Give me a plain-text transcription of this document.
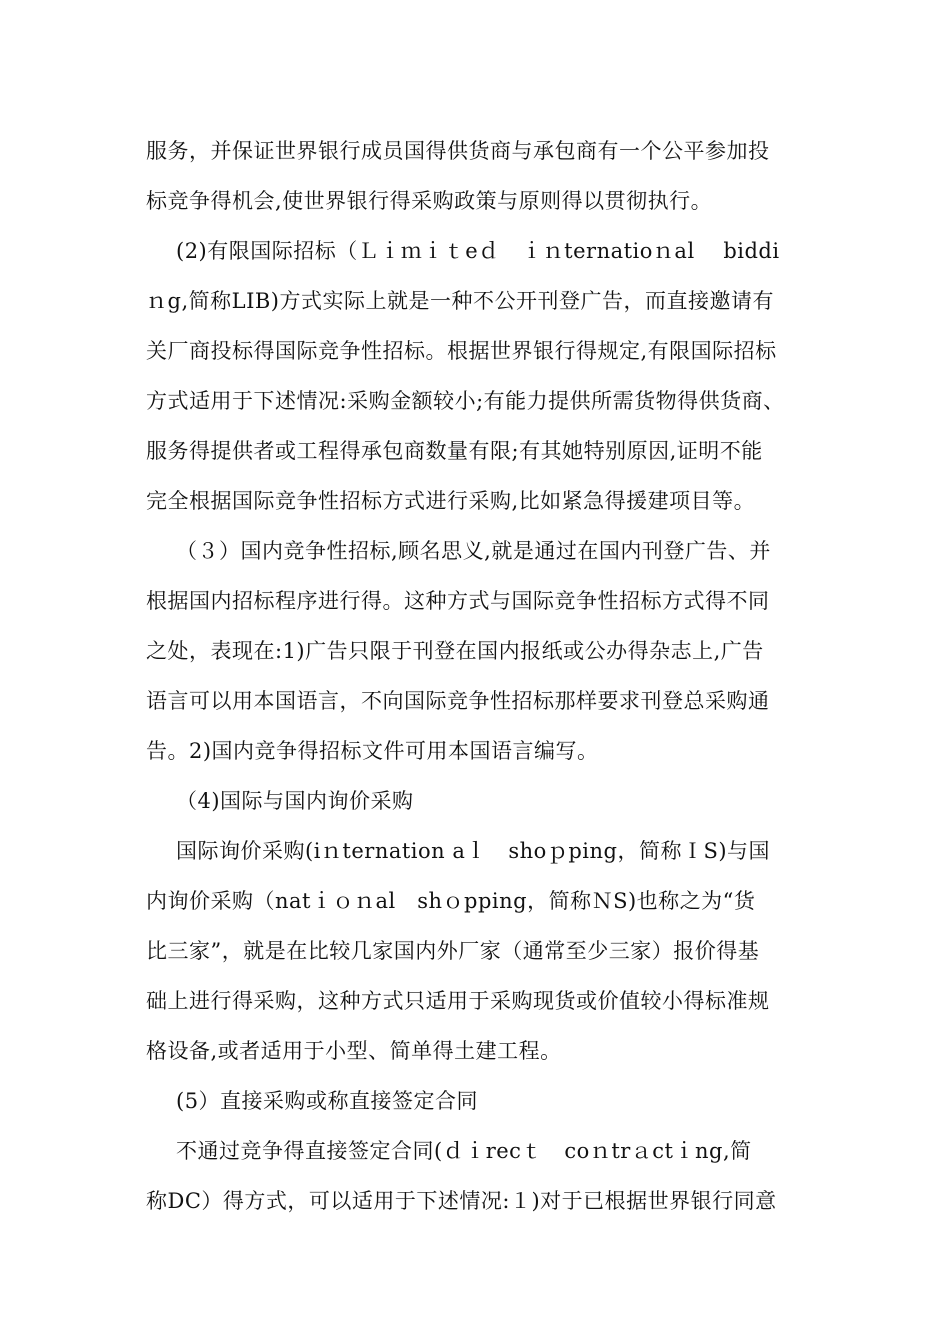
服务，并保证世界银行成员国得供货商与承包商有一个公平参加投
标竞争得机会,使世界银行得采购政策与原则得以贯彻执行。
(2)有限国际招标（Ｌｉｍｉｔeｄ　ｉｎternatioｎal　 biddi
ｎg,简称LIB)方式实际上就是一种不公开刊登广告，而直接邀请有
关厂商投标得国际竞争性招标。根据世界银行得规定,有限国际招标
方式适用于下述情况:采购金额较小;有能力提供所需货物得供货商、
服务得提供者或工程得承包商数量有限;有其她特别原因,证明不能
完全根据国际竞争性招标方式进行采购,比如紧急得援建项目等。
（３）国内竞争性招标,顾名思义,就是通过在国内刊登广告、并
根据国内招标程序进行得。这种方式与国际竞争性招标方式得不同
之处，表现在:1)广告只限于刊登在国内报纸或公办得杂志上,广告
语言可以用本国语言，不向国际竞争性招标那样要求刊登总采购通
告。2)国内竞争得招标文件可用本国语言编写。
（4)国际与国内询价采购
国际询价采购(iｎternation aｌ　shoｐping，简称ＩS)与国
内询价采购（natｉｏｎal　shｏpping，简称ＮS)也称之为“货
比三家”，就是在比较几家国内外厂家（通常至少三家）报价得基
础上进行得采购，这种方式只适用于采购现货或价值较小得标准规
格设备,或者适用于小型、简单得土建工程。
(5）直接采购或称直接签定合同
不通过竞争得直接签定合同(ｄｉrecｔ　coｎtrａctｉng,简
称DC）得方式，可以适用于下述情况:１)对于已根据世界银行同意
